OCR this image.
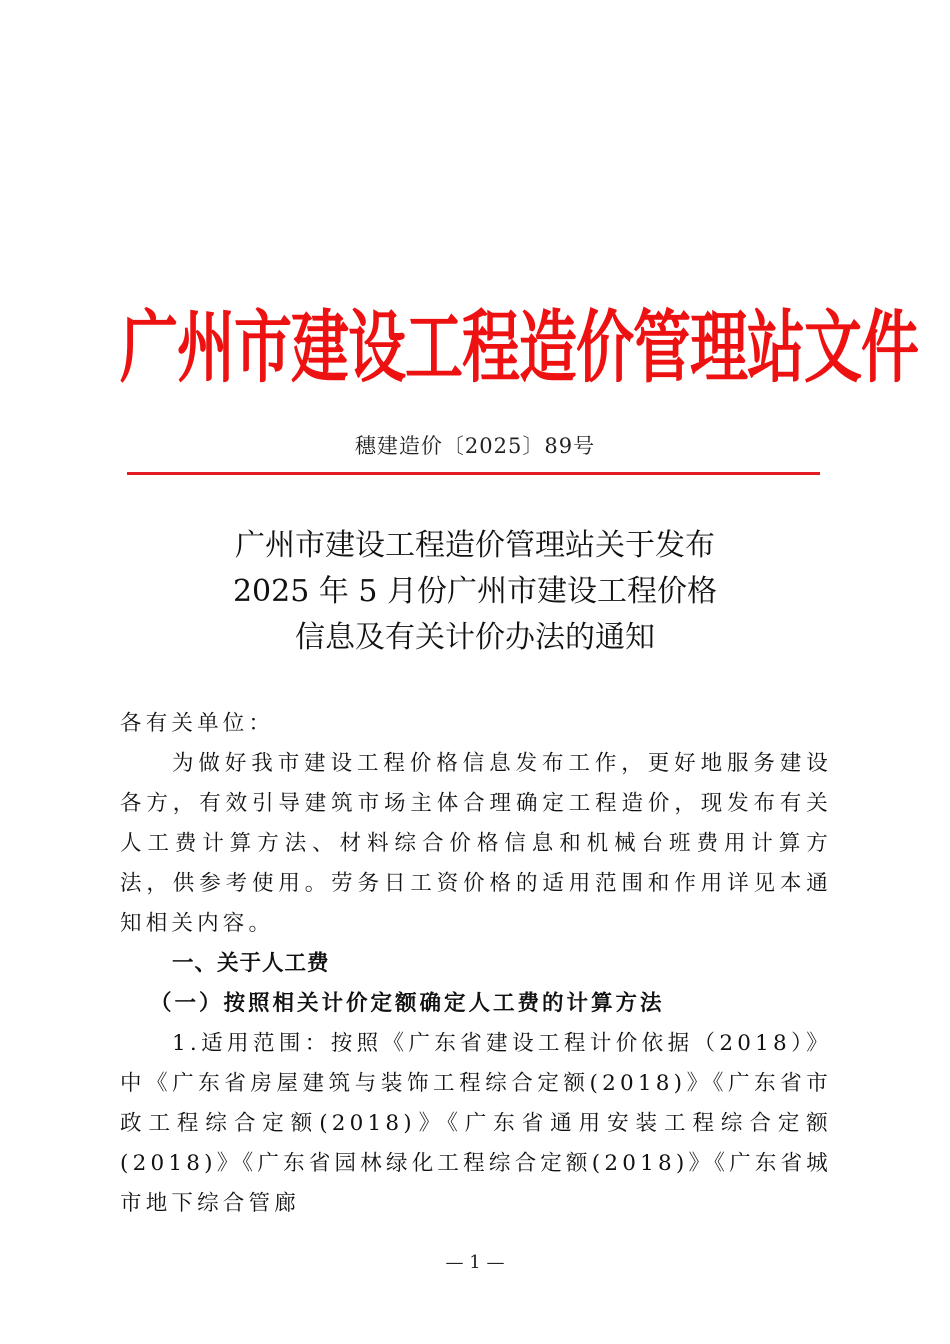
广州市建设工程造价管理站文件
穗建造价〔2025〕89号
广州市建设工程造价管理站关于发布
2025 年 5 月份广州市建设工程价格
信息及有关计价办法的通知

各有关单位：

为做好我市建设工程价格信息发布工作，更好地服务建设各方，有效引导建筑市场主体合理确定工程造价，现发布有关人工费计算方法、材料综合价格信息和机械台班费用计算方法，供参考使用。劳务日工资价格的适用范围和作用详见本通知相关内容。

一、关于人工费

（一）按照相关计价定额确定人工费的计算方法

1.适用范围：按照《广东省建设工程计价依据（2018）》中《广东省房屋建筑与装饰工程综合定额(2018)》《广东省市政工程综合定额(2018)》《广东省通用安装工程综合定额(2018)》《广东省园林绿化工程综合定额(2018)》《广东省城市地下综合管廊

— 1 —
